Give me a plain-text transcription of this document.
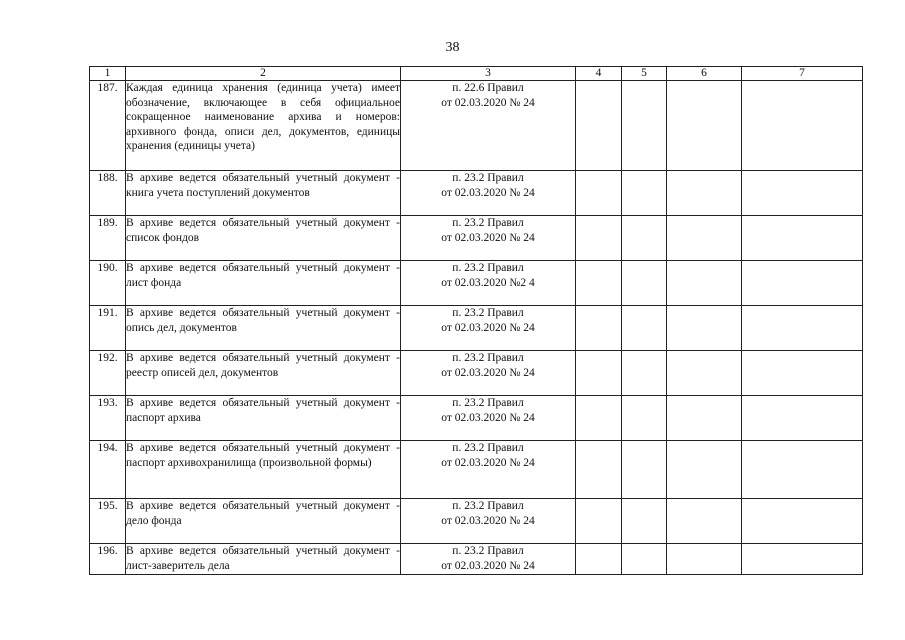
38
1	2	3	4	5	6	7
187.	Каждая единица хранения (единица учета) имеет обозначение, включающее в себя официальное сокращенное наименование архива и номеров: архивного фонда, описи дел, документов, единицы хранения (единицы учета)	п. 22.6 Правил
от 02.03.2020 № 24				

188.	В архиве ведется обязательный учетный документ - книга учета поступлений документов	п. 23.2 Правил
от 02.03.2020 № 24				

189.	В архиве ведется обязательный учетный документ - список фондов	п. 23.2 Правил
от 02.03.2020 № 24				

190.	В архиве ведется обязательный учетный документ - лист фонда	п. 23.2 Правил
от 02.03.2020 №2 4				

191.	В архиве ведется обязательный учетный документ - опись дел, документов	п. 23.2 Правил
от 02.03.2020 № 24				

192.	В архиве ведется обязательный учетный документ - реестр описей дел, документов	п. 23.2 Правил
от 02.03.2020 № 24				

193.	В архиве ведется обязательный учетный документ - паспорт архива	п. 23.2 Правил
от 02.03.2020 № 24				

194.	В архиве ведется обязательный учетный документ - паспорт архивохранилища (произвольной формы)	п. 23.2 Правил
от 02.03.2020 № 24				

195.	В архиве ведется обязательный учетный документ - дело фонда	п. 23.2 Правил
от 02.03.2020 № 24				

196.	В архиве ведется обязательный учетный документ - лист-заверитель дела	п. 23.2 Правил
от 02.03.2020 № 24				
